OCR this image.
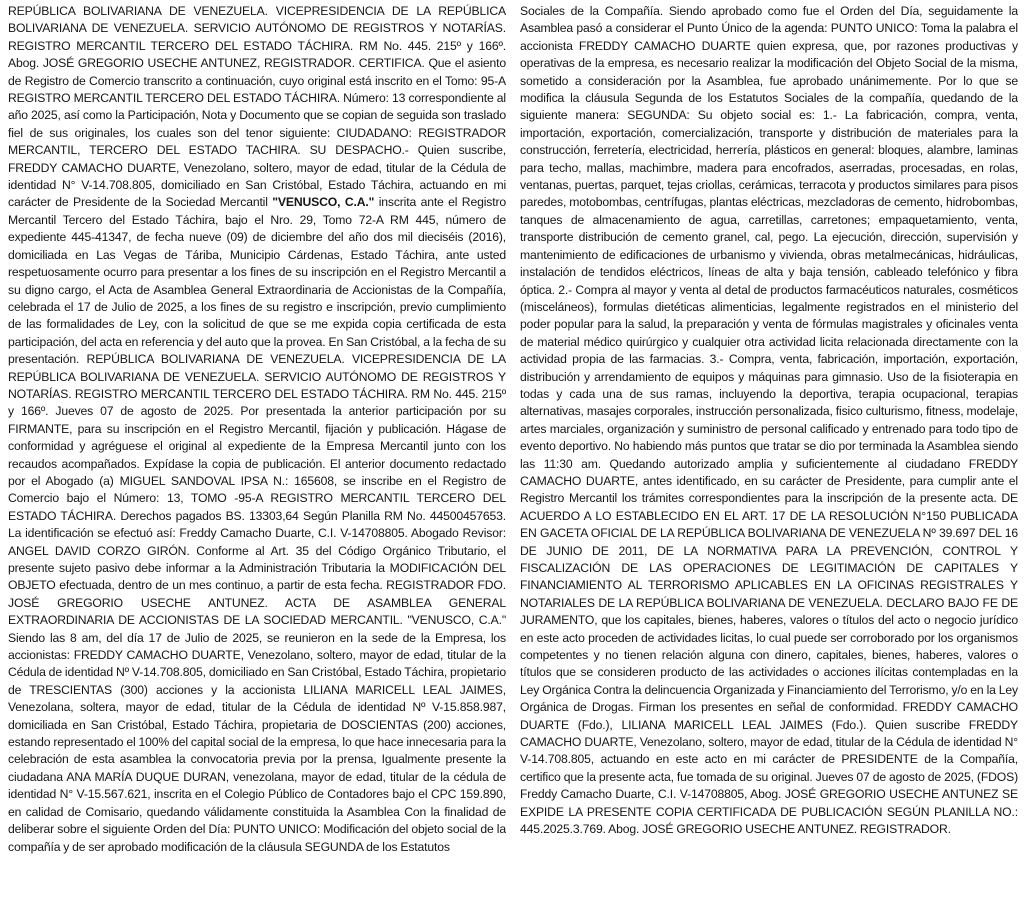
REPÚBLICA BOLIVARIANA DE VENEZUELA. VICEPRESIDENCIA DE LA REPÚBLICA BOLIVARIANA DE VENEZUELA. SERVICIO AUTÓNOMO DE REGISTROS Y NOTARÍAS. REGISTRO MERCANTIL TERCERO DEL ESTADO TÁCHIRA. RM No. 445. 215º y 166º. Abog. JOSÉ GREGORIO USECHE ANTUNEZ, REGISTRADOR. CERTIFICA. Que el asiento de Registro de Comercio transcrito a continuación, cuyo original está inscrito en el Tomo: 95-A REGISTRO MERCANTIL TERCERO DEL ESTADO TÁCHIRA. Número: 13 correspondiente al año 2025, así como la Participación, Nota y Documento que se copian de seguida son traslado fiel de sus originales, los cuales son del tenor siguiente: CIUDADANO: REGISTRADOR MERCANTIL, TERCERO DEL ESTADO TACHIRA. SU DESPACHO.- Quien suscribe, FREDDY CAMACHO DUARTE, Venezolano, soltero, mayor de edad, titular de la Cédula de identidad N° V-14.708.805, domiciliado en San Cristóbal, Estado Táchira, actuando en mi carácter de Presidente de la Sociedad Mercantil "VENUSCO, C.A." inscrita ante el Registro Mercantil Tercero del Estado Táchira, bajo el Nro. 29, Tomo 72-A RM 445, número de expediente 445-41347, de fecha nueve (09) de diciembre del año dos mil dieciséis (2016), domiciliada en Las Vegas de Táriba, Municipio Cárdenas, Estado Táchira, ante usted respetuosamente ocurro para presentar a los fines de su inscripción en el Registro Mercantil a su digno cargo, el Acta de Asamblea General Extraordinaria de Accionistas de la Compañía, celebrada el 17 de Julio de 2025, a los fines de su registro e inscripción, previo cumplimiento de las formalidades de Ley, con la solicitud de que se me expida copia certificada de esta participación, del acta en referencia y del auto que la provea. En San Cristóbal, a la fecha de su presentación. REPÚBLICA BOLIVARIANA DE VENEZUELA. VICEPRESIDENCIA DE LA REPÚBLICA BOLIVARIANA DE VENEZUELA. SERVICIO AUTÓNOMO DE REGISTROS Y NOTARÍAS. REGISTRO MERCANTIL TERCERO DEL ESTADO TÁCHIRA. RM No. 445. 215º y 166º. Jueves 07 de agosto de 2025. Por presentada la anterior participación por su FIRMANTE, para su inscripción en el Registro Mercantil, fijación y publicación. Hágase de conformidad y agréguese el original al expediente de la Empresa Mercantil junto con los recaudos acompañados. Expídase la copia de publicación. El anterior documento redactado por el Abogado (a) MIGUEL SANDOVAL IPSA N.: 165608, se inscribe en el Registro de Comercio bajo el Número: 13, TOMO -95-A REGISTRO MERCANTIL TERCERO DEL ESTADO TÁCHIRA. Derechos pagados BS. 13303,64 Según Planilla RM No. 44500457653. La identificación se efectuó así: Freddy Camacho Duarte, C.I. V-14708805. Abogado Revisor: ANGEL DAVID CORZO GIRÓN. Conforme al Art. 35 del Código Orgánico Tributario, el presente sujeto pasivo debe informar a la Administración Tributaria la MODIFICACIÓN DEL OBJETO efectuada, dentro de un mes continuo, a partir de esta fecha. REGISTRADOR FDO. JOSÉ GREGORIO USECHE ANTUNEZ. ACTA DE ASAMBLEA GENERAL EXTRAORDINARIA DE ACCIONISTAS DE LA SOCIEDAD MERCANTIL. "VENUSCO, C.A." Siendo las 8 am, del día 17 de Julio de 2025, se reunieron en la sede de la Empresa, los accionistas: FREDDY CAMACHO DUARTE, Venezolano, soltero, mayor de edad, titular de la Cédula de identidad Nº V-14.708.805, domiciliado en San Cristóbal, Estado Táchira, propietario de TRESCIENTAS (300) acciones y la accionista LILIANA MARICELL LEAL JAIMES, Venezolana, soltera, mayor de edad, titular de la Cédula de identidad Nº V-15.858.987, domiciliada en San Cristóbal, Estado Táchira, propietaria de DOSCIENTAS (200) acciones, estando representado el 100% del capital social de la empresa, lo que hace innecesaria para la celebración de esta asamblea la convocatoria previa por la prensa, Igualmente presente la ciudadana ANA MARÍA DUQUE DURAN, venezolana, mayor de edad, titular de la cédula de identidad N° V-15.567.621, inscrita en el Colegio Público de Contadores bajo el CPC 159.890, en calidad de Comisario, quedando válidamente constituida la Asamblea Con la finalidad de deliberar sobre el siguiente Orden del Día: PUNTO UNICO: Modificación del objeto social de la compañía y de ser aprobado modificación de la cláusula SEGUNDA de los Estatutos

Sociales de la Compañía. Siendo aprobado como fue el Orden del Día, seguidamente la Asamblea pasó a considerar el Punto Único de la agenda: PUNTO UNICO: Toma la palabra el accionista FREDDY CAMACHO DUARTE quien expresa, que, por razones productivas y operativas de la empresa, es necesario realizar la modificación del Objeto Social de la misma, sometido a consideración por la Asamblea, fue aprobado unánimemente. Por lo que se modifica la cláusula Segunda de los Estatutos Sociales de la compañía, quedando de la siguiente manera: SEGUNDA: Su objeto social es: 1.- La fabricación, compra, venta, importación, exportación, comercialización, transporte y distribución de materiales para la construcción, ferretería, electricidad, herrería, plásticos en general: bloques, alambre, laminas para techo, mallas, machimbre, madera para encofrados, aserradas, procesadas, en rolas, ventanas, puertas, parquet, tejas criollas, cerámicas, terracota y productos similares para pisos paredes, motobombas, centrífugas, plantas eléctricas, mezcladoras de cemento, hidrobombas, tanques de almacenamiento de agua, carretillas, carretones; empaquetamiento, venta, transporte distribución de cemento granel, cal, pego. La ejecución, dirección, supervisión y mantenimiento de edificaciones de urbanismo y vivienda, obras metalmecánicas, hidráulicas, instalación de tendidos eléctricos, líneas de alta y baja tensión, cableado telefónico y fibra óptica. 2.- Compra al mayor y venta al detal de productos farmacéuticos naturales, cosméticos (misceláneos), formulas dietéticas alimenticias, legalmente registrados en el ministerio del poder popular para la salud, la preparación y venta de fórmulas magistrales y oficinales venta de material médico quirúrgico y cualquier otra actividad licita relacionada directamente con la actividad propia de las farmacias. 3.- Compra, venta, fabricación, importación, exportación, distribución y arrendamiento de equipos y máquinas para gimnasio. Uso de la fisioterapia en todas y cada una de sus ramas, incluyendo la deportiva, terapia ocupacional, terapias alternativas, masajes corporales, instrucción personalizada, fisico culturismo, fitness, modelaje, artes marciales, organización y suministro de personal calificado y entrenado para todo tipo de evento deportivo. No habiendo más puntos que tratar se dio por terminada la Asamblea siendo las 11:30 am. Quedando autorizado amplia y suficientemente al ciudadano FREDDY CAMACHO DUARTE, antes identificado, en su carácter de Presidente, para cumplir ante el Registro Mercantil los trámites correspondientes para la inscripción de la presente acta. DE ACUERDO A LO ESTABLECIDO EN EL ART. 17 DE LA RESOLUCIÓN N°150 PUBLICADA EN GACETA OFICIAL DE LA REPÚBLICA BOLIVARIANA DE VENEZUELA Nº 39.697 DEL 16 DE JUNIO DE 2011, DE LA NORMATIVA PARA LA PREVENCIÓN, CONTROL Y FISCALIZACIÓN DE LAS OPERACIONES DE LEGITIMACIÓN DE CAPITALES Y FINANCIAMIENTO AL TERRORISMO APLICABLES EN LA OFICINAS REGISTRALES Y NOTARIALES DE LA REPÚBLICA BOLIVARIANA DE VENEZUELA. DECLARO BAJO FE DE JURAMENTO, que los capitales, bienes, haberes, valores o títulos del acto o negocio jurídico en este acto proceden de actividades licitas, lo cual puede ser corroborado por los organismos competentes y no tienen relación alguna con dinero, capitales, bienes, haberes, valores o títulos que se consideren producto de las actividades o acciones ilícitas contempladas en la Ley Orgánica Contra la delincuencia Organizada y Financiamiento del Terrorismo, y/o en la Ley Orgánica de Drogas. Firman los presentes en señal de conformidad. FREDDY CAMACHO DUARTE (Fdo.), LILIANA MARICELL LEAL JAIMES (Fdo.). Quien suscribe FREDDY CAMACHO DUARTE, Venezolano, soltero, mayor de edad, titular de la Cédula de identidad N° V-14.708.805, actuando en este acto en mi carácter de PRESIDENTE de la Compañía, certifico que la presente acta, fue tomada de su original. Jueves 07 de agosto de 2025, (FDOS) Freddy Camacho Duarte, C.I. V-14708805, Abog. JOSÉ GREGORIO USECHE ANTUNEZ SE EXPIDE LA PRESENTE COPIA CERTIFICADA DE PUBLICACIÓN SEGÚN PLANILLA NO.: 445.2025.3.769. Abog. JOSÉ GREGORIO USECHE ANTUNEZ. REGISTRADOR.
